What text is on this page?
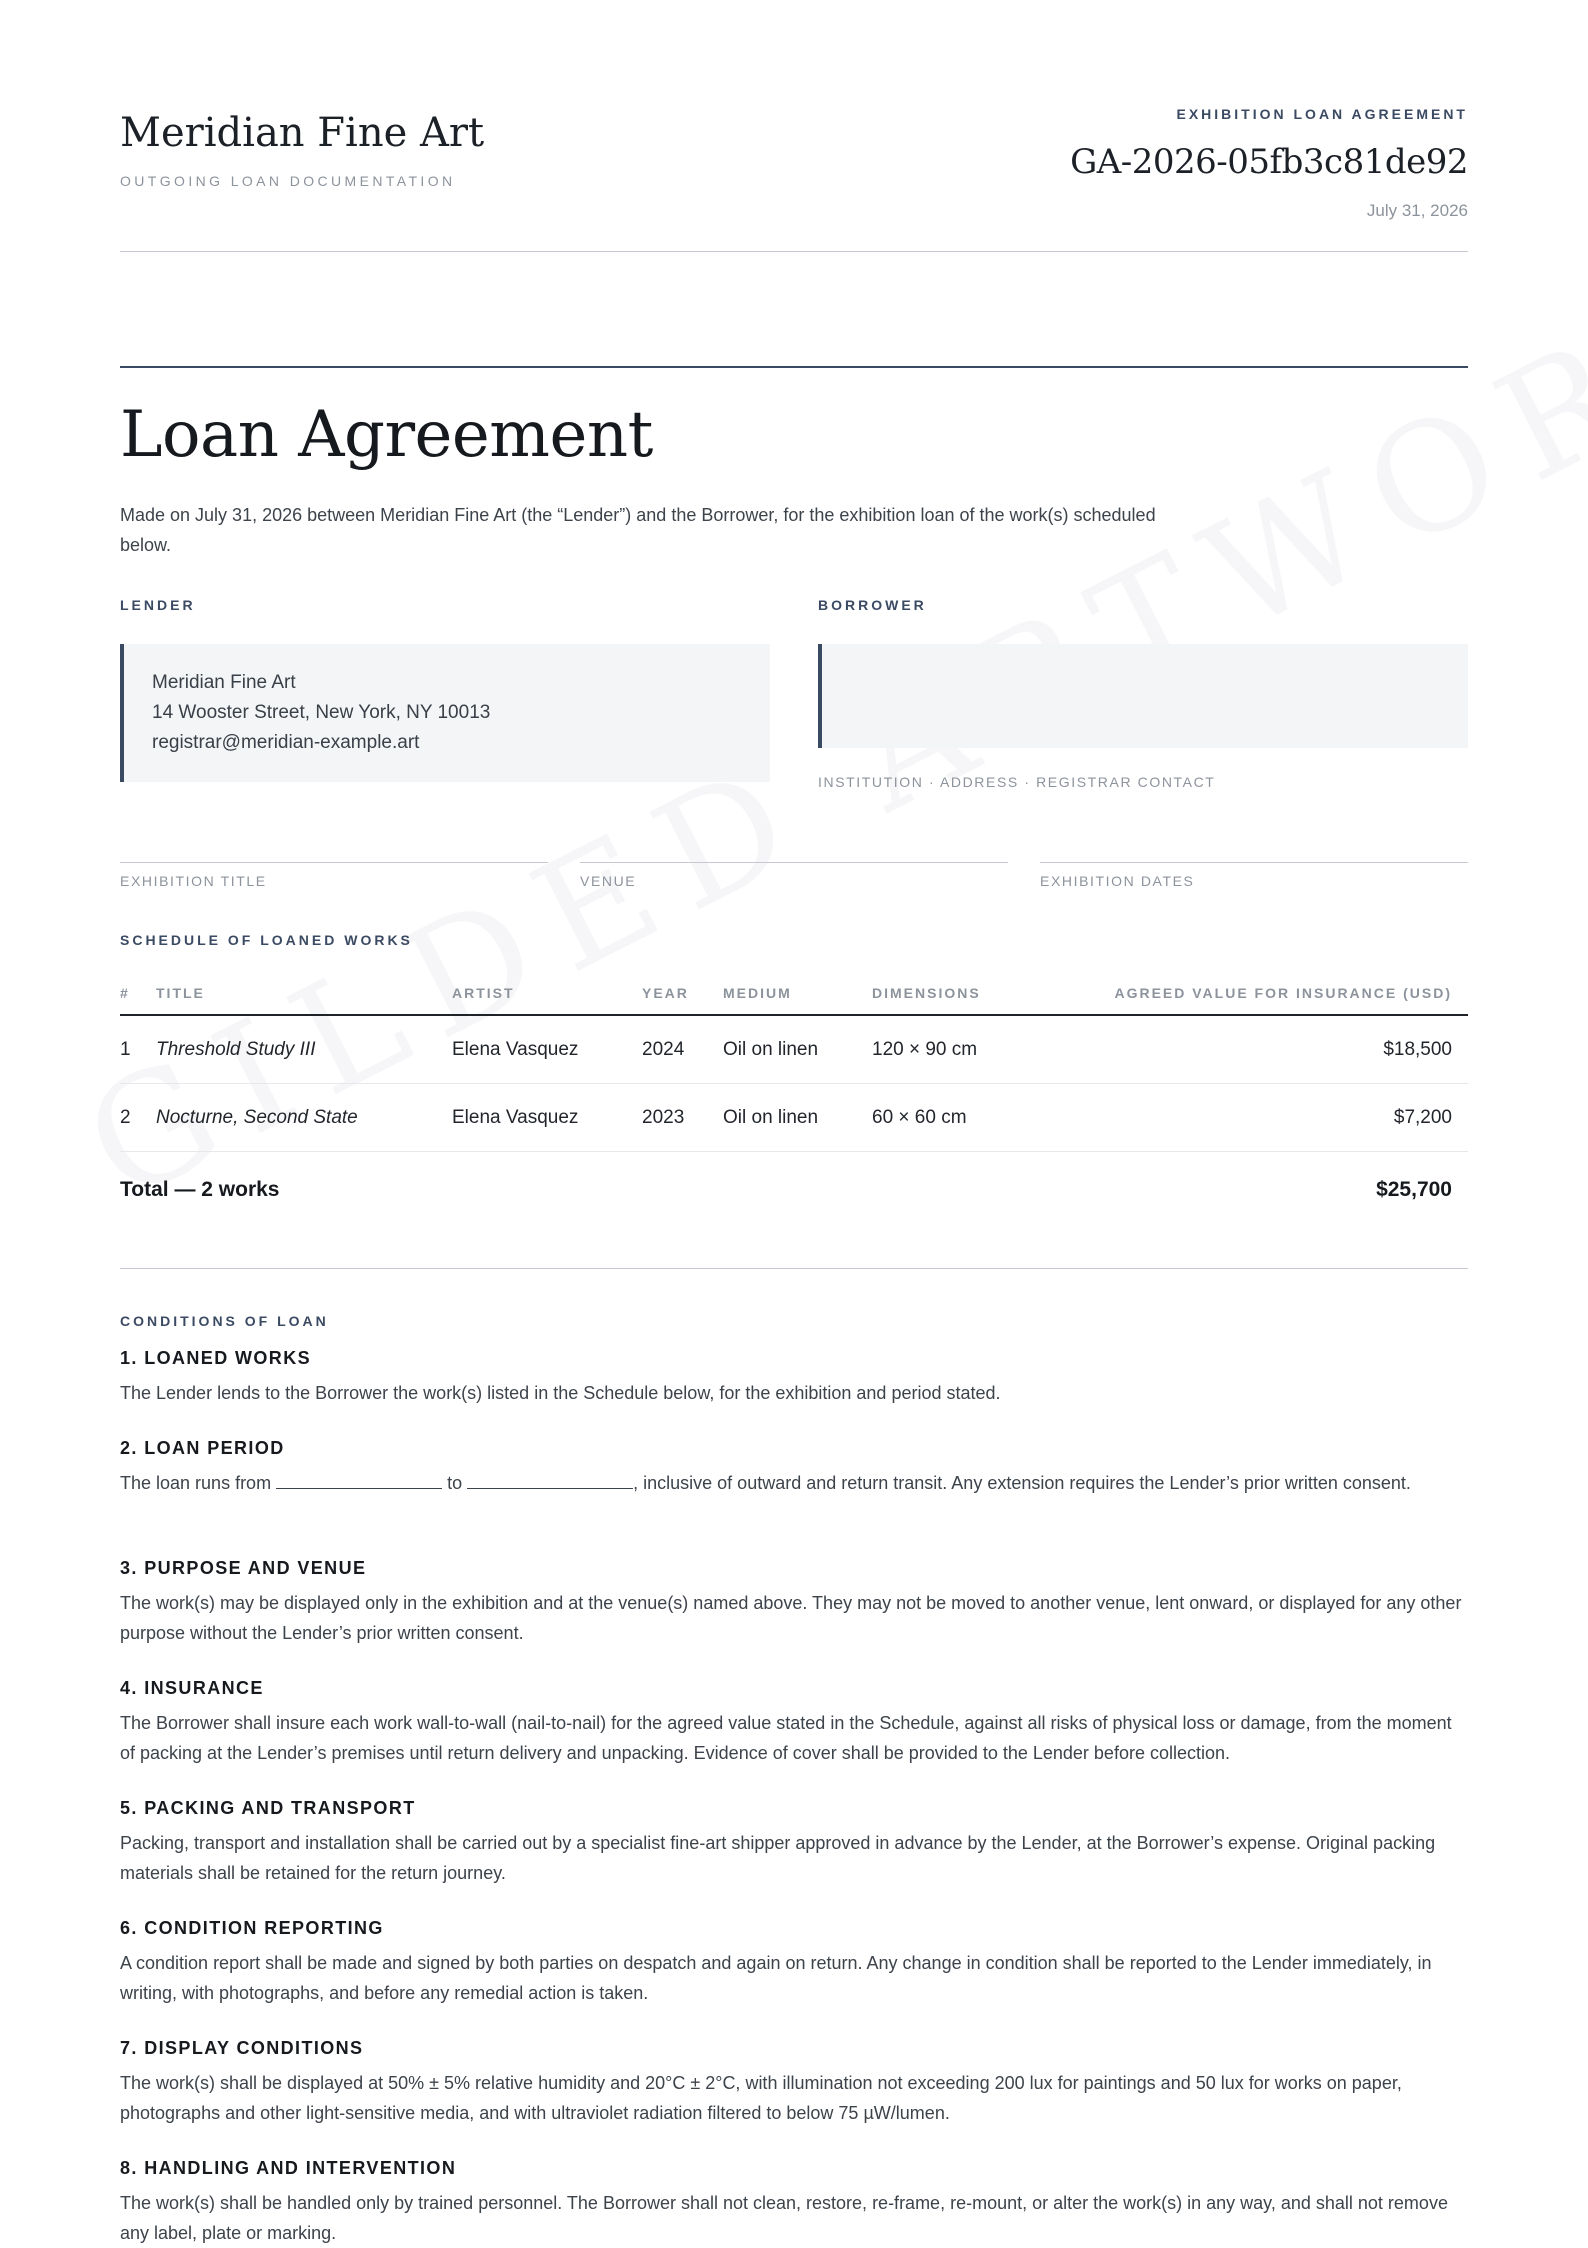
Meridian Fine Art
OUTGOING LOAN DOCUMENTATION
EXHIBITION LOAN AGREEMENT
GA-2026-05fb3c81de92
July 31, 2026
Loan Agreement
Made on July 31, 2026 between Meridian Fine Art (the “Lender”) and the Borrower, for the exhibition loan of the work(s) scheduled below.
LENDER	BORROWER
Meridian Fine Art
14 Wooster Street, New York, NY 10013
registrar@meridian-example.art
INSTITUTION · ADDRESS · REGISTRAR CONTACT
EXHIBITION TITLE	VENUE	EXHIBITION DATES
SCHEDULE OF LOANED WORKS
#	TITLE	ARTIST	YEAR	MEDIUM	DIMENSIONS	AGREED VALUE FOR INSURANCE (USD)
1	Threshold Study III	Elena Vasquez	2024	Oil on linen	120 × 90 cm	$18,500
2	Nocturne, Second State	Elena Vasquez	2023	Oil on linen	60 × 60 cm	$7,200
Total — 2 works						$25,700
CONDITIONS OF LOAN
1. LOANED WORKS

The Lender lends to the Borrower the work(s) listed in the Schedule below, for the exhibition and period stated.

2. LOAN PERIOD

The loan runs from	to	, inclusive of outward and return transit. Any extension requires the Lender’s prior written consent.

3. PURPOSE AND VENUE

The work(s) may be displayed only in the exhibition and at the venue(s) named above. They may not be moved to another venue, lent onward, or displayed for any other purpose without the Lender’s prior written consent.

4. INSURANCE

The Borrower shall insure each work wall-to-wall (nail-to-nail) for the agreed value stated in the Schedule, against all risks of physical loss or damage, from the moment of packing at the Lender’s premises until return delivery and unpacking. Evidence of cover shall be provided to the Lender before collection.

5. PACKING AND TRANSPORT

Packing, transport and installation shall be carried out by a specialist fine-art shipper approved in advance by the Lender, at the Borrower’s expense. Original packing materials shall be retained for the return journey.

6. CONDITION REPORTING

A condition report shall be made and signed by both parties on despatch and again on return. Any change in condition shall be reported to the Lender immediately, in writing, with photographs, and before any remedial action is taken.

7. DISPLAY CONDITIONS

The work(s) shall be displayed at 50% ± 5% relative humidity and 20°C ± 2°C, with illumination not exceeding 200 lux for paintings and 50 lux for works on paper, photographs and other light-sensitive media, and with ultraviolet radiation filtered to below 75 µW/lumen.

8. HANDLING AND INTERVENTION

The work(s) shall be handled only by trained personnel. The Borrower shall not clean, restore, re-frame, re-mount, or alter the work(s) in any way, and shall not remove any label, plate or marking.
